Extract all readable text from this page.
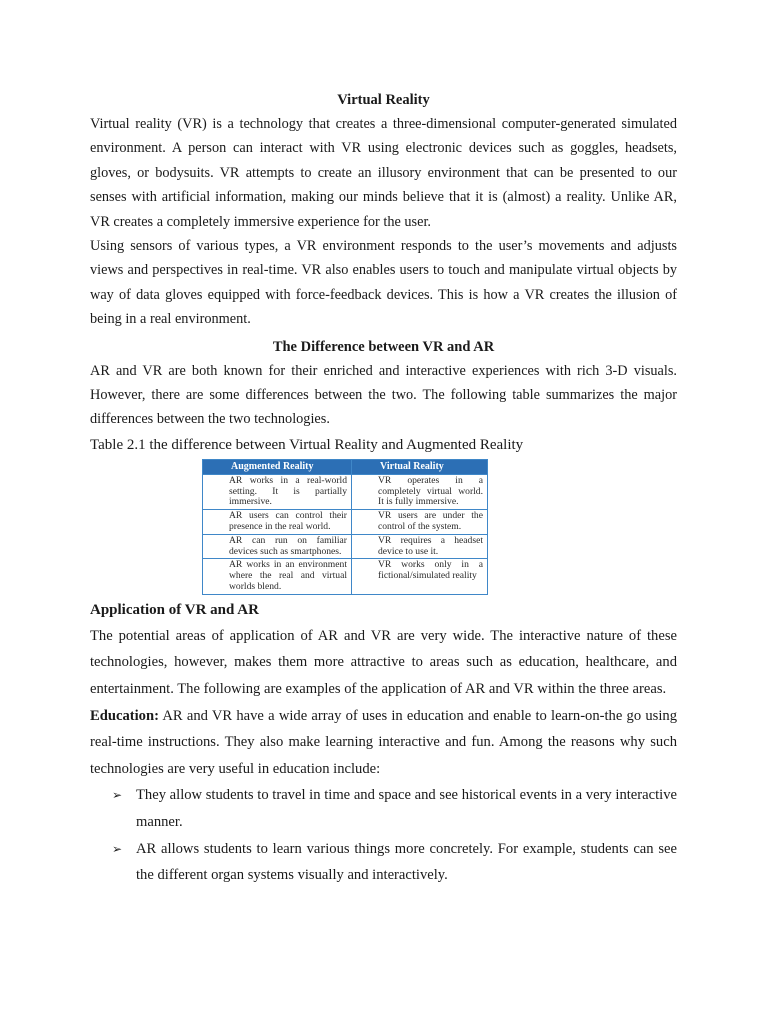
Virtual Reality

Virtual reality (VR) is a technology that creates a three-dimensional computer-generated simulated environment. A person can interact with VR using electronic devices such as goggles, headsets, gloves, or bodysuits. VR attempts to create an illusory environment that can be presented to our senses with artificial information, making our minds believe that it is (almost) a reality. Unlike AR, VR creates a completely immersive experience for the user.

Using sensors of various types, a VR environment responds to the user’s movements and adjusts views and perspectives in real-time. VR also enables users to touch and manipulate virtual objects by way of data gloves equipped with force-feedback devices. This is how a VR creates the illusion of being in a real environment.

The Difference between VR and AR

AR and VR are both known for their enriched and interactive experiences with rich 3-D visuals. However, there are some differences between the two. The following table summarizes the major differences between the two technologies.

Table 2.1 the difference between Virtual Reality and Augmented Reality

Augmented Reality	Virtual Reality
AR works in a real-world setting. It is partially immersive.	VR operates in a completely virtual world. It is fully immersive.
AR users can control their presence in the real world.	VR users are under the control of the system.
AR can run on familiar devices such as smartphones.	VR requires a headset device to use it.
AR works in an environment where the real and virtual worlds blend.	VR works only in a fictional/simulated reality
Application of VR and AR

The potential areas of application of AR and VR are very wide. The interactive nature of these technologies, however, makes them more attractive to areas such as education, healthcare, and entertainment. The following are examples of the application of AR and VR within the three areas.

Education: AR and VR have a wide array of uses in education and enable to learn-on-the go using real-time instructions. They also make learning interactive and fun. Among the reasons why such technologies are very useful in education include:

➢ They allow students to travel in time and space and see historical events in a very interactive manner.
➢ AR allows students to learn various things more concretely. For example, students can see the different organ systems visually and interactively.
